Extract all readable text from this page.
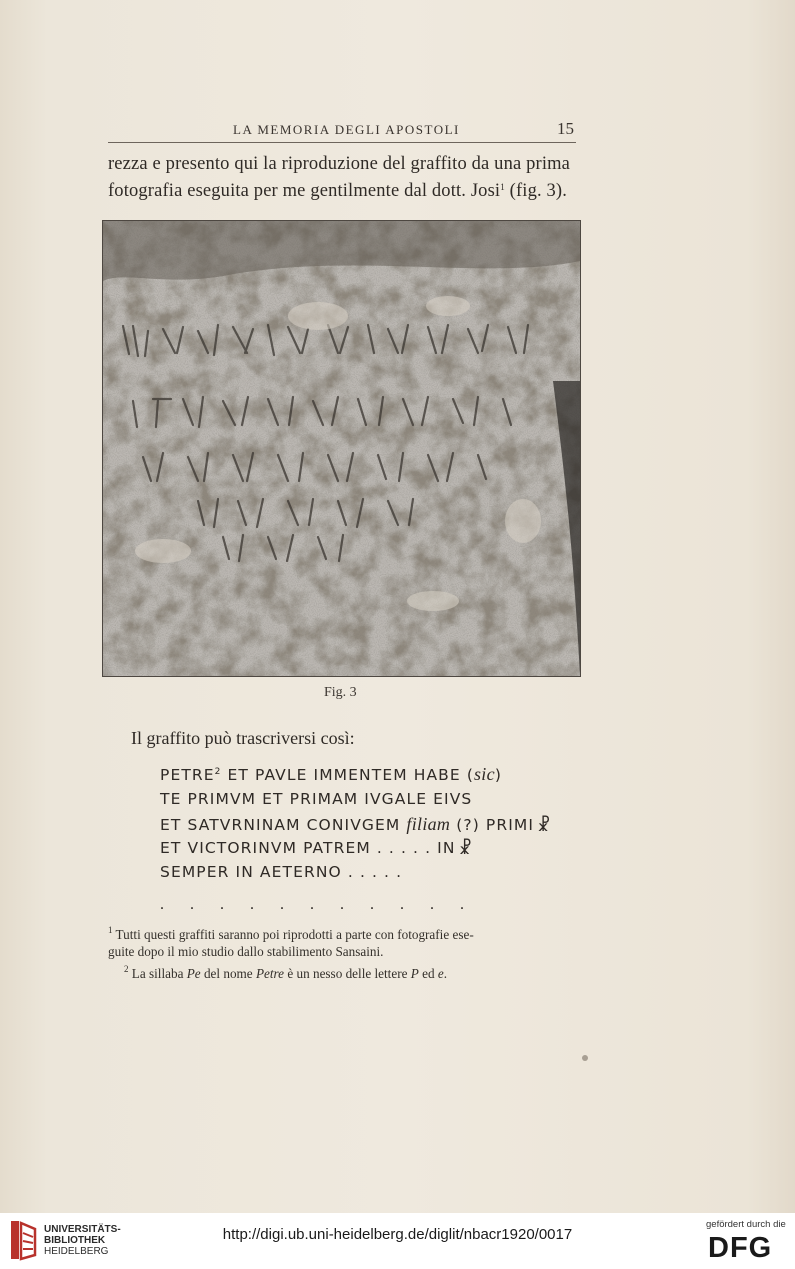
LA MEMORIA DEGLI APOSTOLI	15
rezza e presento qui la riproduzione del graffito da una prima
fotografia eseguita per me gentilmente dal dott. Josi$^1$ (fig. 3).
Fig. 3
Il graffito può trascriversi così:
PETRE$^2$ ET PAVLE IMMENTEM HABE (sic)
TE PRIMVM ET PRIMAM IVGALE EIVS
ET SATVRNINAM CONIVGEM filiam (?) PRIMI ☧
ET VICTORINVM PATREM . . . . . IN ☧
SEMPER IN AETERNO . . . . .
. . . . . . . . . . .
$^1$ Tutti questi graffiti saranno poi riprodotti a parte con fotografie ese-
guite dopo il mio studio dallo stabilimento Sansaini.
$^2$ La sillaba Pe del nome Petre è un nesso delle lettere P ed e.
UNIVERSITÄTS-
BIBLIOTHEK
HEIDELBERG
http://digi.ub.uni-heidelberg.de/diglit/nbacr1920/0017
gefördert durch die
DFG
